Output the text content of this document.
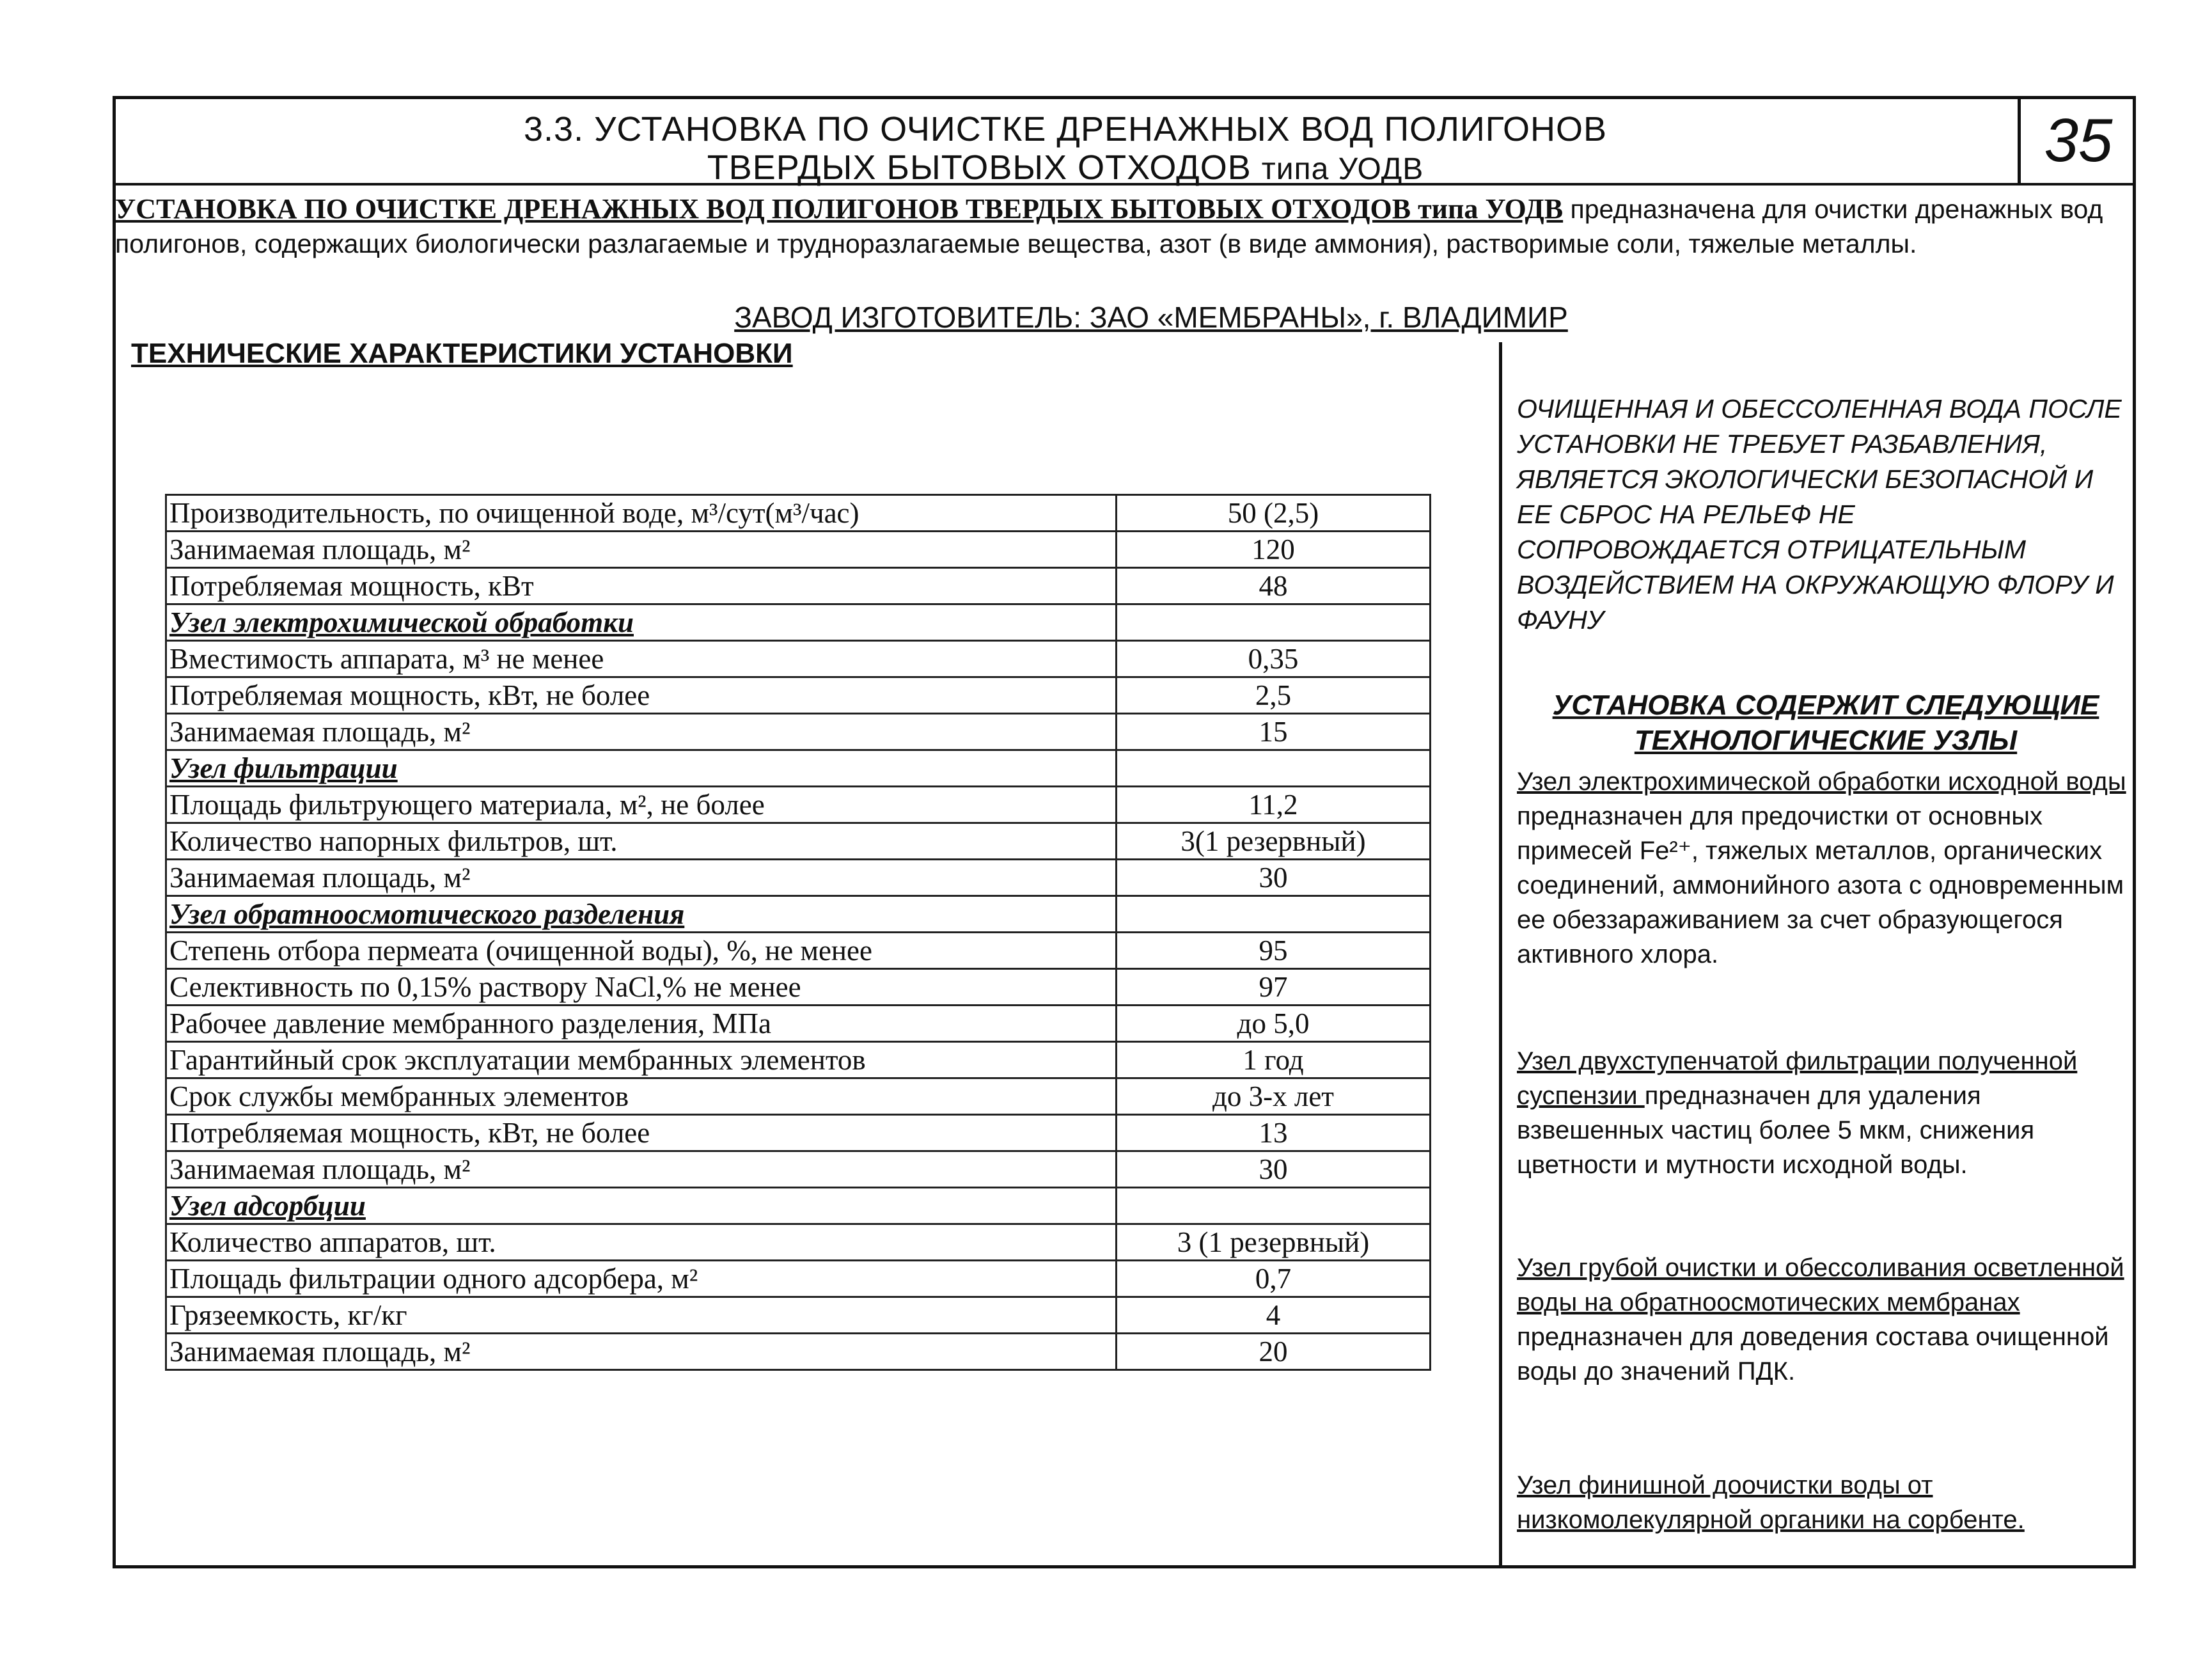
3.3. УСТАНОВКА ПО ОЧИСТКЕ ДРЕНАЖНЫХ ВОД ПОЛИГОНОВ
ТВЕРДЫХ БЫТОВЫХ ОТХОДОВ типа УОДВ	35
УСТАНОВКА ПО ОЧИСТКЕ ДРЕНАЖНЫХ ВОД ПОЛИГОНОВ ТВЕРДЫХ БЫТОВЫХ ОТХОДОВ типа УОДВ предназначена для очистки дренажных вод полигонов, содержащих биологически разлагаемые и трудноразлагаемые вещества, азот (в виде аммония), растворимые соли, тяжелые металлы.
ЗАВОД ИЗГОТОВИТЕЛЬ: ЗАО «МЕМБРАНЫ», г. ВЛАДИМИР
ТЕХНИЧЕСКИЕ ХАРАКТЕРИСТИКИ УСТАНОВКИ
Производительность, по очищенной воде, м³/сут(м³/час)	50 (2,5)
Занимаемая площадь, м²	120
Потребляемая мощность, кВт	48
Узел электрохимической обработки	
Вместимость аппарата, м³ не менее	0,35
Потребляемая мощность, кВт, не более	2,5
Занимаемая площадь, м²	15
Узел фильтрации	
Площадь фильтрующего материала, м², не более	11,2
Количество напорных фильтров, шт.	3(1 резервный)
Занимаемая площадь, м²	30
Узел обратноосмотического разделения	
Степень отбора пермеата (очищенной воды), %, не менее	95
Селективность по 0,15% раствору NaCl,% не менее	97
Рабочее давление мембранного разделения, МПа	до 5,0
Гарантийный срок эксплуатации мембранных элементов	1 год
Срок службы мембранных элементов	до 3-х лет
Потребляемая мощность, кВт, не более	13
Занимаемая площадь, м²	30
Узел адсорбции	
Количество аппаратов, шт.	3 (1 резервный)
Площадь фильтрации одного адсорбера, м²	0,7
Грязеемкость, кг/кг	4
Занимаемая площадь, м²	20
ОЧИЩЕННАЯ И ОБЕССОЛЕННАЯ ВОДА ПОСЛЕ УСТАНОВКИ НЕ ТРЕБУЕТ РАЗБАВЛЕНИЯ, ЯВЛЯЕТСЯ ЭКОЛОГИЧЕСКИ БЕЗОПАСНОЙ И ЕЕ СБРОС НА РЕЛЬЕФ НЕ СОПРОВОЖДАЕТСЯ ОТРИЦАТЕЛЬНЫМ ВОЗДЕЙСТВИЕМ НА ОКРУЖАЮЩУЮ ФЛОРУ И ФАУНУ
УСТАНОВКА СОДЕРЖИТ СЛЕДУЮЩИЕ ТЕХНОЛОГИЧЕСКИЕ УЗЛЫ
Узел электрохимической обработки исходной воды предназначен для предочистки от основных примесей Fe²⁺, тяжелых металлов, органических соединений, аммонийного азота с одновременным ее обеззараживанием за счет образующегося активного хлора.
Узел двухступенчатой фильтрации полученной суспензии предназначен для удаления взвешенных частиц более 5 мкм, снижения цветности и мутности исходной воды.
Узел грубой очистки и обессоливания осветленной воды на обратноосмотических мембранах предназначен для доведения состава очищенной воды до значений ПДК.
Узел финишной доочистки воды от низкомолекулярной органики на сорбенте.
